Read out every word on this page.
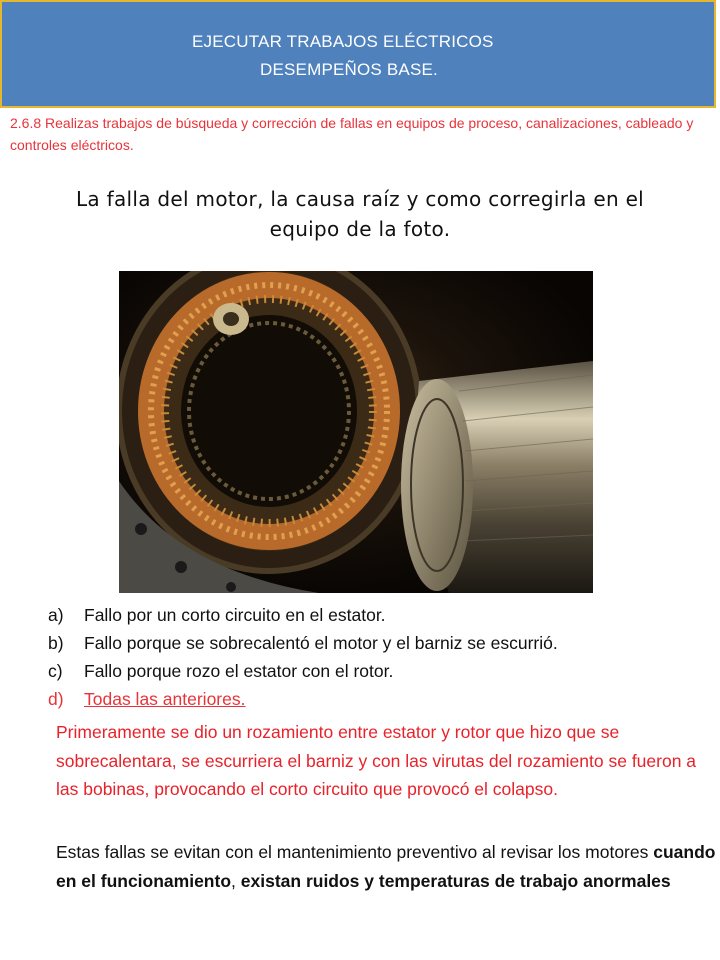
EJECUTAR TRABAJOS ELÉCTRICOS
DESEMPEÑOS BASE.
2.6.8 Realizas trabajos de búsqueda y corrección de fallas en equipos de proceso, canalizaciones, cableado y controles eléctricos.
La falla del motor, la causa raíz y como corregirla en el equipo de la foto.
a) Fallo por un corto circuito en el estator.
b) Fallo porque se sobrecalentó el motor y el barniz se escurrió.
c) Fallo porque rozo el estator con el rotor.
d) Todas las anteriores.
Primeramente se dio un rozamiento entre estator y rotor que hizo que se sobrecalentara, se escurriera el barniz y con las virutas del rozamiento se fueron a las bobinas, provocando el corto circuito que provocó el colapso.
Estas fallas se evitan con el mantenimiento preventivo al revisar los motores cuando en el funcionamiento, existan ruidos y temperaturas de trabajo anormales
